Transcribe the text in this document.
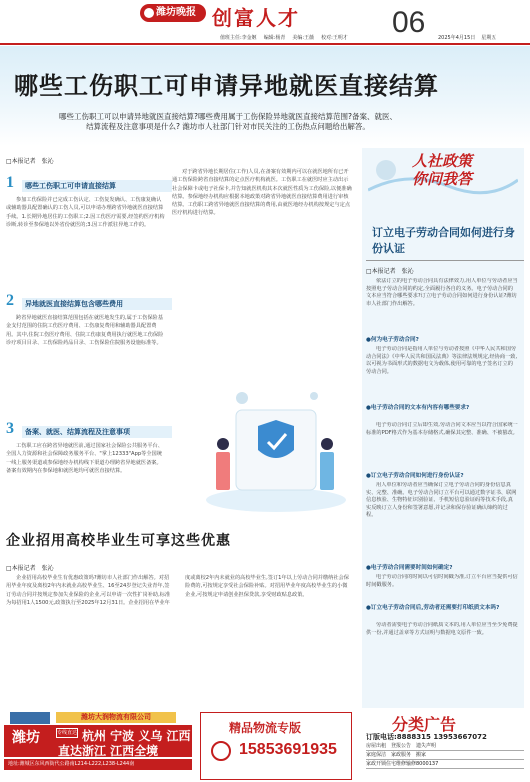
潍坊晚报 创富人才	06
值班主任:李金姬 编辑:杨青 美编:王薇 校对:王明才	2025年4月15日 星期五
哪些工伤职工可申请异地就医直接结算
哪些工伤职工可以申请异地就医直接结算?哪些费用属于工伤保险异地就医直接结算范围?备案、就医、结算流程及注意事项是什么? 潍坊市人社部门针对市民关注的工伤热点问题给出解答。
□本报记者　张沁
1	哪些工伤职工可申请直接结算
参加工伤保险并已完成工伤认定、工伤复发确认、工伤康复确认或辅助器具配置确认的工伤人员,可以申请办理跨省异地就医直接结算手续。1.长期异地居住的工伤职工;2.因工伤医疗需要,经签约医疗机构诊断,转诊至参保地以外省份就医的;3.因工作派驻异地工作的。
2	异地就医直接结算包含哪些费用
跨省异地就医直接结算范围包括在就医地发生的,属于工伤保险基金支付范围的住院工伤医疗费用、工伤康复费用和辅助器具配置费用。其中,住院工伤医疗费用、住院工伤康复费用执行就医地工伤保险诊疗项目目录、工伤保险药品目录、工伤保险住院服务设施标准等。
3	备案、就医、结算流程及注意事项
工伤职工应在跨省异地就医前,通过国家社会保险公共服务平台、全国人力资源和社会保障政务服务平台、"掌上12333"App等全国统一线上服务渠道或参保地经办机构线下渠道办理跨省异地就医备案。备案有效期内在参保地和就医地均可就医直接结算。
对于跨省异地长期居住(工作)人员,在备案有效期内可以在就医地所有已开通工伤保险跨省直接结算的定点医疗机构就医。工伤职工在就医时应主动出示社会保障卡或电子社保卡,并告知就医机构其本次就医性质为工伤保险,以便准确结算。参保地经办机构应根据本地政策对跨省异地就医直接结算费用进行审核结算。工伤职工跨省异地就医直接结算的费用,由就医地经办机构按规定与定点医疗机构进行结算。
企业招用高校毕业生可享这些优惠
□本报记者　张沁
企业招用高校毕业生有优惠政策吗?潍坊市人社部门作出解答。对招用毕业年度及离校2年内未就业高校毕业生、16至24岁登记失业青年,签订劳动合同并按规定参加失业保险的企业,可以申请一次性扩岗补助,标准为每招用1人1500元,政策执行至2025年12月31日。企业招用在毕业年度或离校2年内未就业的高校毕业生,签订1年以上劳动合同并缴纳社会保险费的,可按规定享受社会保险补贴。对招用毕业年度高校毕业生的小微企业,可按规定申请创业担保贷款,享受财政贴息政策。
人社政策 你问我答
订立电子劳动合同如何进行身份认证
□本报记者　张沁
依法订立的电子劳动合同具有法律效力,用人单位与劳动者应当按照电子劳动合同的约定,全面履行各自的义务。电子劳动合同的文本应当符合哪些要求?订立电子劳动合同如何进行身份认证?潍坊市人社部门作出解答。
●何为电子劳动合同?
电子劳动合同是指用人单位与劳动者按照《中华人民共和国劳动合同法》《中华人民共和国民法典》等法律法规规定,经协商一致,以可视为书面形式的数据电文为载体,使用可靠的电子签名订立的劳动合同。
●电子劳动合同的文本有内容有哪些要求?
电子劳动合同订立后即生效,劳动合同文本应当以符合国家统一标准的PDF格式作为基本存储格式,确保其完整、准确、不被篡改。
●订立电子劳动合同如何进行身份认证?
用人单位和劳动者应当确保订立电子劳动合同的身份信息真实、完整、准确。电子劳动合同订立平台可以通过数字证书、联网信息核验、生物特征识别验证、手机短信息验证码等技术手段,真实反映订立人身份和签署意愿,并记录和保存验证确认缔约的过程。
●电子劳动合同需要时间如何确定?
电子劳动合同的时间以可信时间戳为准,订立平台应当提供可信时间戳服务。
●订立电子劳动合同后,劳动者还需要打印纸质文本吗?
劳动者需要电子劳动合同纸质文本的,用人单位应当至少免费提供一份,并通过盖章等方式证明与数据电文原件一致。
潍坊大润物流有限公司
潍坊	专线直达 杭州 宁波 义乌 江西
直达浙江 江西全境
地址:潍城区东风西街代公路南L214-L222,L238-L244南
精品物流专版
15853691935
分类广告
订版电话:8888315 13953667072
房屋出租　登报公告　遗失声明
家庭保洁　家政服务　搬家
家政开锁住宅维修输修8000137
